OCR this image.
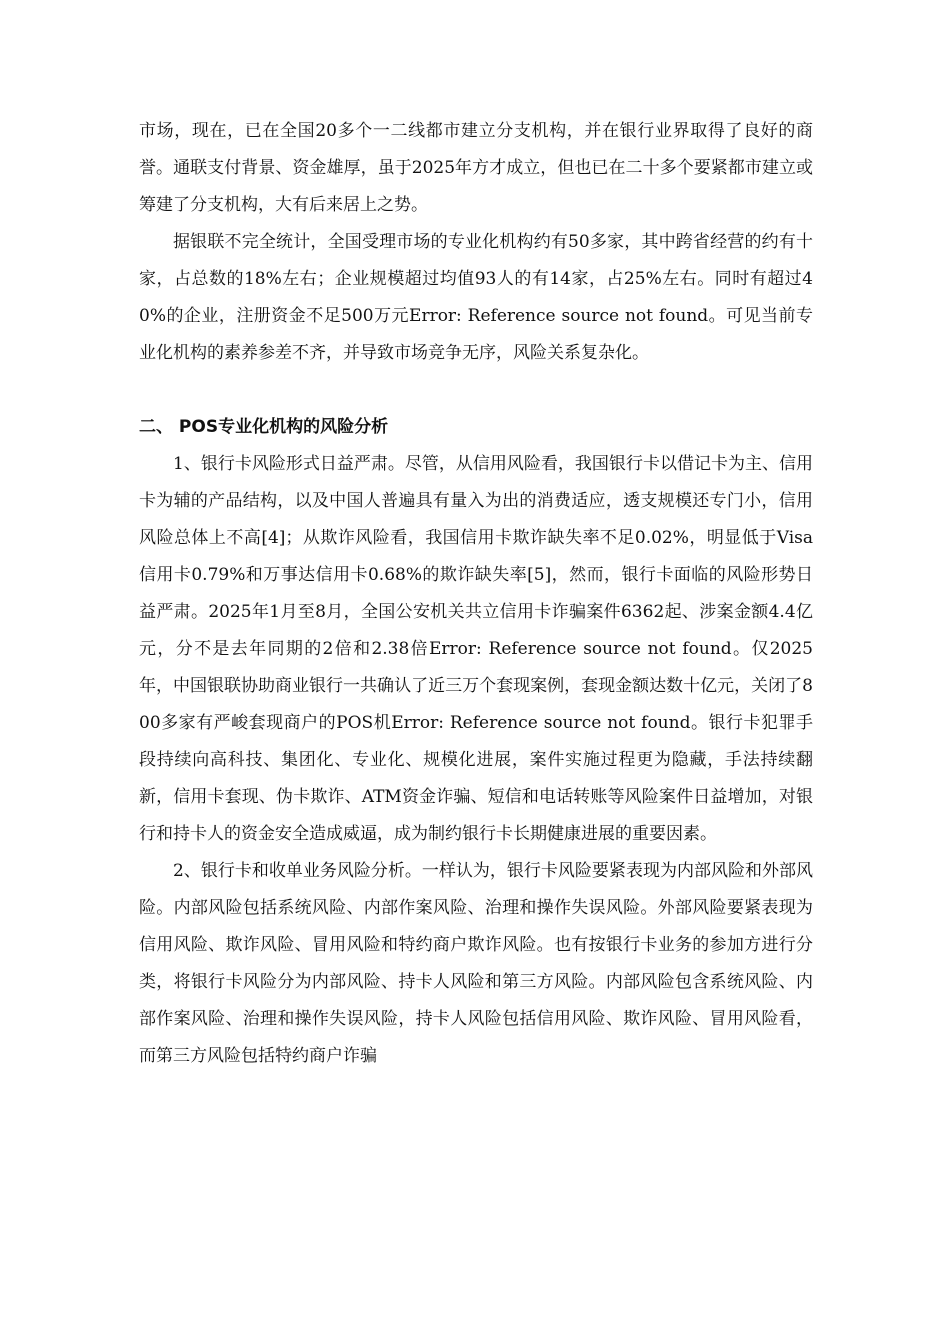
市场，现在，已在全国20多个一二线都市建立分支机构，并在银行业界取得了良好的商誉。通联支付背景、资金雄厚，虽于2025年方才成立，但也已在二十多个要紧都市建立或筹建了分支机构，大有后来居上之势。

据银联不完全统计，全国受理市场的专业化机构约有50多家，其中跨省经营的约有十家，占总数的18%左右；企业规模超过均值93人的有14家，占25%左右。同时有超过40%的企业，注册资金不足500万元Error: Reference source not found。可见当前专业化机构的素养参差不齐，并导致市场竞争无序，风险关系复杂化。

二、 POS专业化机构的风险分析

1、银行卡风险形式日益严肃。尽管，从信用风险看，我国银行卡以借记卡为主、信用卡为辅的产品结构，以及中国人普遍具有量入为出的消费适应，透支规模还专门小，信用风险总体上不高[4]；从欺诈风险看，我国信用卡欺诈缺失率不足0.02%，明显低于Visa信用卡0.79%和万事达信用卡0.68%的欺诈缺失率[5]，然而，银行卡面临的风险形势日益严肃。2025年1月至8月，全国公安机关共立信用卡诈骗案件6362起、涉案金额4.4亿元，分不是去年同期的2倍和2.38倍Error: Reference source not found。仅2025年，中国银联协助商业银行一共确认了近三万个套现案例，套现金额达数十亿元，关闭了800多家有严峻套现商户的POS机Error: Reference source not found。银行卡犯罪手段持续向高科技、集团化、专业化、规模化进展，案件实施过程更为隐藏，手法持续翻新，信用卡套现、伪卡欺诈、ATM资金诈骗、短信和电话转账等风险案件日益增加，对银行和持卡人的资金安全造成威逼，成为制约银行卡长期健康进展的重要因素。

2、银行卡和收单业务风险分析。一样认为，银行卡风险要紧表现为内部风险和外部风险。内部风险包括系统风险、内部作案风险、治理和操作失误风险。外部风险要紧表现为信用风险、欺诈风险、冒用风险和特约商户欺诈风险。也有按银行卡业务的参加方进行分类，将银行卡风险分为内部风险、持卡人风险和第三方风险。内部风险包含系统风险、内部作案风险、治理和操作失误风险，持卡人风险包括信用风险、欺诈风险、冒用风险看，而第三方风险包括特约商户诈骗
